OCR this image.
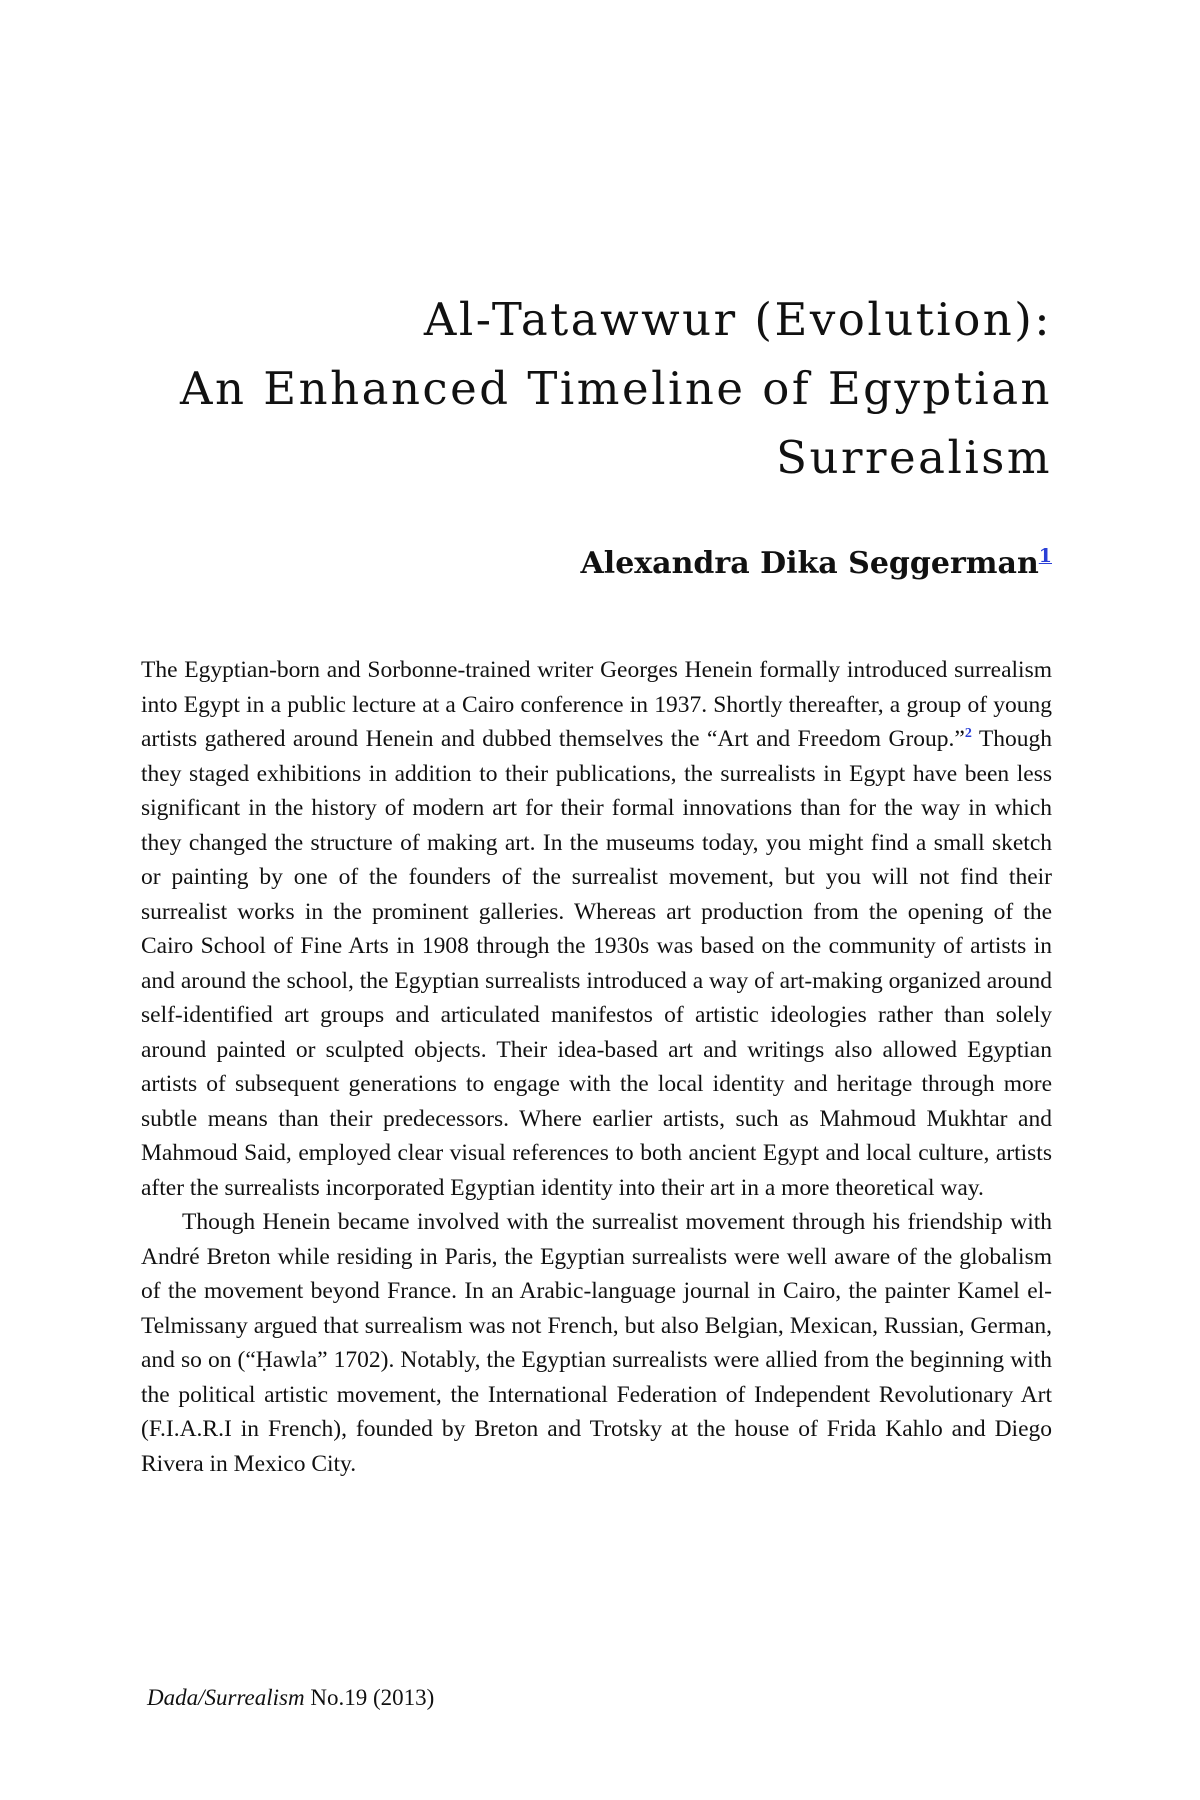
Al-Tatawwur (Evolution):
An Enhanced Timeline of Egyptian
Surrealism
Alexandra Dika Seggerman$^1$

The Egyptian-born and Sorbonne-trained writer Georges Henein formally introduced surrealism into Egypt in a public lecture at a Cairo conference in 1937. Shortly thereafter, a group of young artists gathered around Henein and dubbed themselves the “Art and Freedom Group.”$^2$ Though they staged exhibitions in addition to their publications, the surrealists in Egypt have been less significant in the history of modern art for their formal innovations than for the way in which they changed the structure of making art. In the museums today, you might find a small sketch or painting by one of the founders of the surrealist movement, but you will not find their surrealist works in the prominent galleries. Whereas art production from the opening of the Cairo School of Fine Arts in 1908 through the 1930s was based on the community of artists in and around the school, the Egyptian surrealists introduced a way of art-making organized around self-identified art groups and articulated manifestos of artistic ideologies rather than solely around painted or sculpted objects. Their idea-based art and writings also allowed Egyptian artists of subsequent generations to engage with the local identity and heritage through more subtle means than their predecessors. Where earlier artists, such as Mahmoud Mukhtar and Mahmoud Said, employed clear visual references to both ancient Egypt and local culture, artists after the surrealists incorporated Egyptian identity into their art in a more theoretical way.

Though Henein became involved with the surrealist movement through his friendship with André Breton while residing in Paris, the Egyptian surrealists were well aware of the globalism of the movement beyond France. In an Arabic-language journal in Cairo, the painter Kamel el-Telmissany argued that surrealism was not French, but also Belgian, Mexican, Russian, German, and so on (“Ḥawla” 1702). Notably, the Egyptian surrealists were allied from the beginning with the political artistic movement, the International Federation of Independent Revolutionary Art (F.I.A.R.I in French), founded by Breton and Trotsky at the house of Frida Kahlo and Diego Rivera in Mexico City.

Dada/Surrealism No.19 (2013)
